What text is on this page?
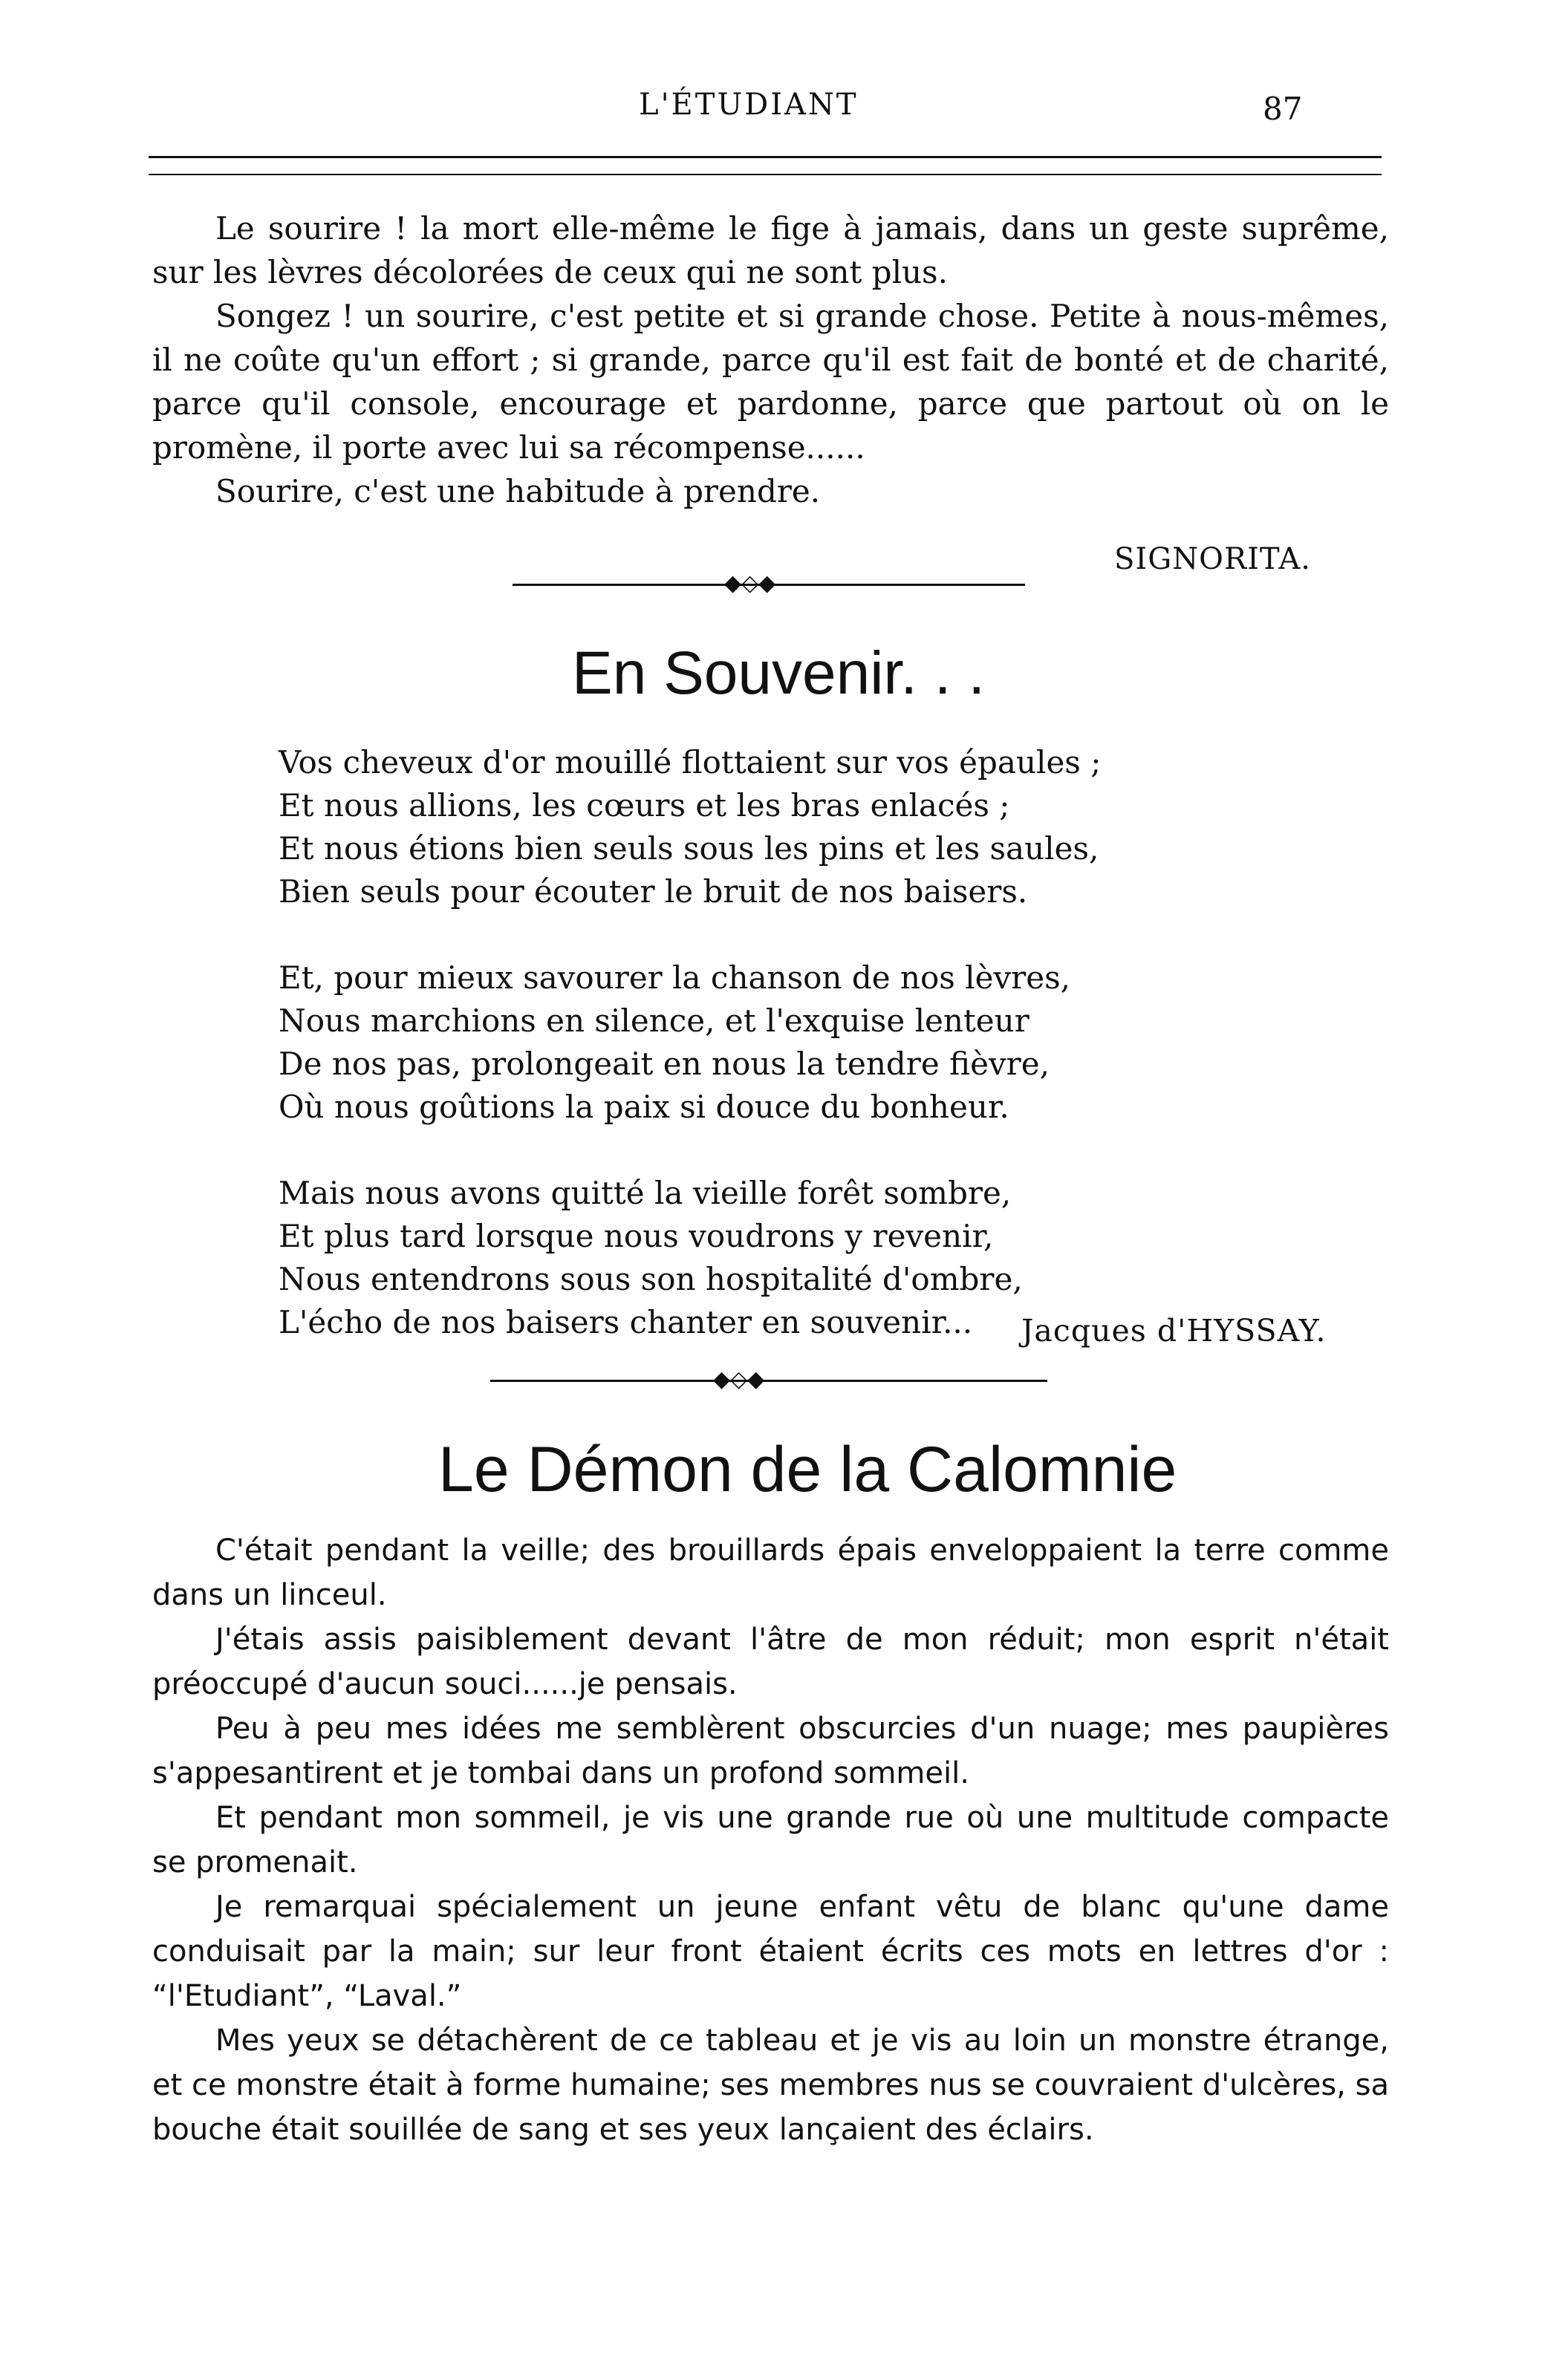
L'ÉTUDIANT	87

Le sourire ! la mort elle-même le fige à jamais, dans un geste suprême, sur les lèvres décolorées de ceux qui ne sont plus.

Songez ! un sourire, c'est petite et si grande chose. Petite à nous-mêmes, il ne coûte qu'un effort ; si grande, parce qu'il est fait de bonté et de charité, parce qu'il console, encourage et pardonne, parce que partout où on le promène, il porte avec lui sa récompense......

Sourire, c'est une habitude à prendre.

SIGNORITA.
◆◇◆
En Souvenir. . .
Vos cheveux d'or mouillé flottaient sur vos épaules ;
Et nous allions, les cœurs et les bras enlacés ;
Et nous étions bien seuls sous les pins et les saules,
Bien seuls pour écouter le bruit de nos baisers.
Et, pour mieux savourer la chanson de nos lèvres,
Nous marchions en silence, et l'exquise lenteur
De nos pas, prolongeait en nous la tendre fièvre,
Où nous goûtions la paix si douce du bonheur.
Mais nous avons quitté la vieille forêt sombre,
Et plus tard lorsque nous voudrons y revenir,
Nous entendrons sous son hospitalité d'ombre,
L'écho de nos baisers chanter en souvenir...	Jacques d'HYSSAY.
◆◇◆
Le Démon de la Calomnie

C'était pendant la veille; des brouillards épais enveloppaient la terre comme dans un linceul.

J'étais assis paisiblement devant l'âtre de mon réduit; mon esprit n'était préoccupé d'aucun souci......je pensais.

Peu à peu mes idées me semblèrent obscurcies d'un nuage; mes paupières s'appesantirent et je tombai dans un profond sommeil.

Et pendant mon sommeil, je vis une grande rue où une multitude compacte se promenait.

Je remarquai spécialement un jeune enfant vêtu de blanc qu'une dame conduisait par la main; sur leur front étaient écrits ces mots en lettres d'or : “l'Etudiant”, “Laval.”

Mes yeux se détachèrent de ce tableau et je vis au loin un monstre étrange, et ce monstre était à forme humaine; ses membres nus se couvraient d'ulcères, sa bouche était souillée de sang et ses yeux lançaient des éclairs.
